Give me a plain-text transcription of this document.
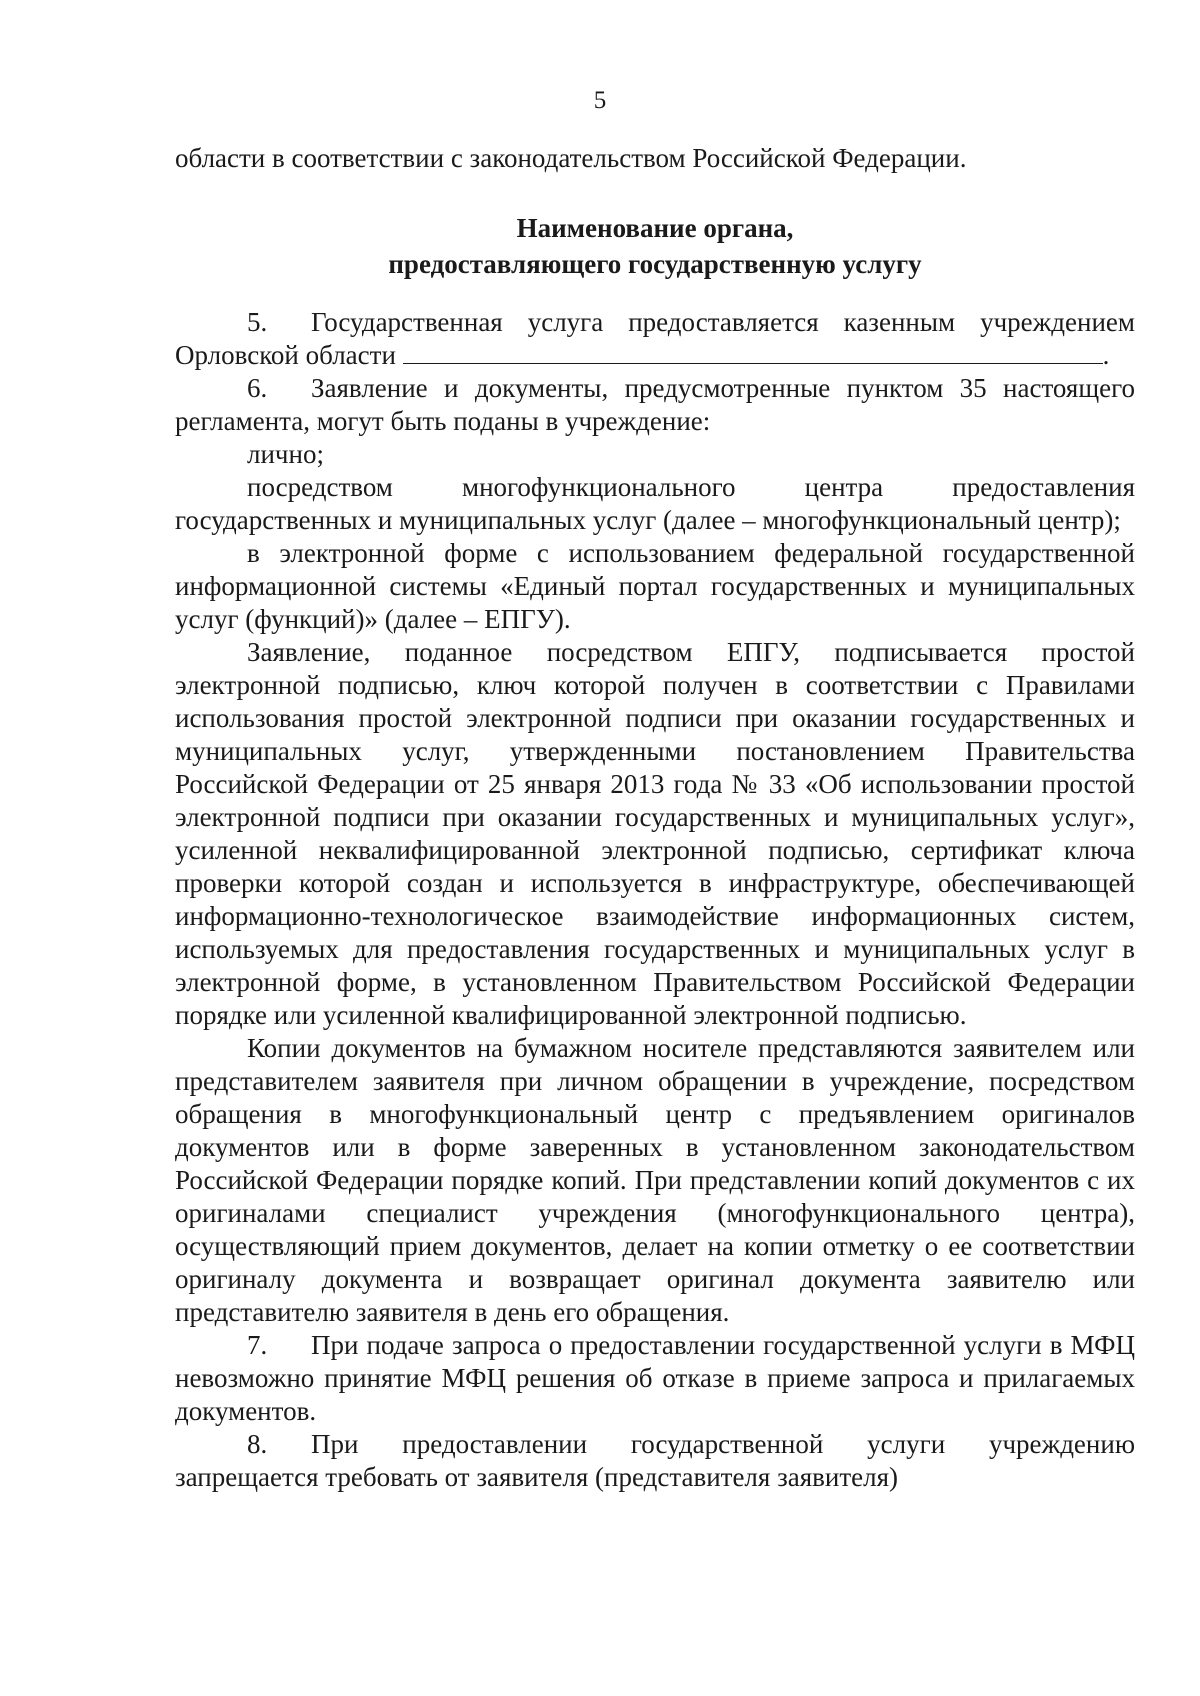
5

области в соответствии с законодательством Российской Федерации.

Наименование органа,
предоставляющего государственную услугу

5. Государственная услуга предоставляется казенным учреждением Орловской области	.

6. Заявление и документы, предусмотренные пунктом 35 настоящего регламента, могут быть поданы в учреждение:

лично;

посредством многофункционального центра предоставления государственных и муниципальных услуг (далее – многофункциональный центр);

в электронной форме с использованием федеральной государственной информационной системы «Единый портал государственных и муниципальных услуг (функций)» (далее – ЕПГУ).

Заявление, поданное посредством ЕПГУ, подписывается простой электронной подписью, ключ которой получен в соответствии с Правилами использования простой электронной подписи при оказании государственных и муниципальных услуг, утвержденными постановлением Правительства Российской Федерации от 25 января 2013 года № 33 «Об использовании простой электронной подписи при оказании государственных и муниципальных услуг», усиленной неквалифицированной электронной подписью, сертификат ключа проверки которой создан и используется в инфраструктуре, обеспечивающей информационно-технологическое взаимодействие информационных систем, используемых для предоставления государственных и муниципальных услуг в электронной форме, в установленном Правительством Российской Федерации порядке или усиленной квалифицированной электронной подписью.

Копии документов на бумажном носителе представляются заявителем или представителем заявителя при личном обращении в учреждение, посредством обращения в многофункциональный центр с предъявлением оригиналов документов или в форме заверенных в установленном законодательством Российской Федерации порядке копий. При представлении копий документов с их оригиналами специалист учреждения (многофункционального центра), осуществляющий прием документов, делает на копии отметку о ее соответствии оригиналу документа и возвращает оригинал документа заявителю или представителю заявителя в день его обращения.

7. При подаче запроса о предоставлении государственной услуги в МФЦ невозможно принятие МФЦ решения об отказе в приеме запроса и прилагаемых документов.

8. При предоставлении государственной услуги учреждению запрещается требовать от заявителя (представителя заявителя)
